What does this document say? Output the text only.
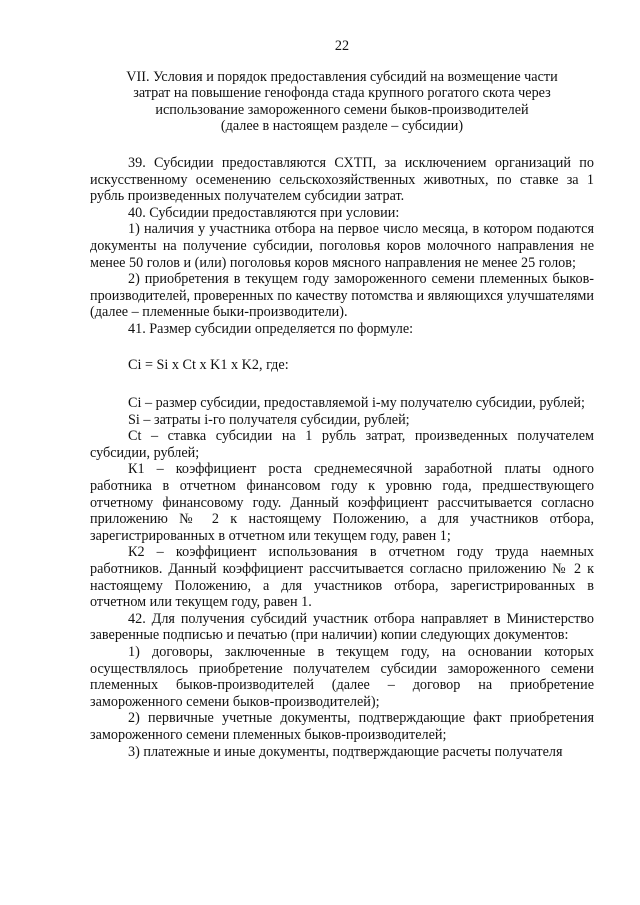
22
VII. Условия и порядок предоставления субсидий на возмещение части
затрат на повышение генофонда стада крупного рогатого скота через
использование замороженного семени быков-производителей
(далее в настоящем разделе – субсидии)

39. Субсидии предоставляются СХТП, за исключением организаций по искусственному осеменению сельскохозяйственных животных, по ставке за 1 рубль произведенных получателем субсидии затрат.

40. Субсидии предоставляются при условии:

1) наличия у участника отбора на первое число месяца, в котором подаются документы на получение субсидии, поголовья коров молочного направления не менее 50 голов и (или) поголовья коров мясного направления не менее 25 голов;

2) приобретения в текущем году замороженного семени племенных быков-производителей, проверенных по качеству потомства и являющихся улучшателями (далее – племенные быки-производители).

41. Размер субсидии определяется по формуле:

Ci = Si x Ct x K1 x K2, где:

Ci – размер субсидии, предоставляемой i-му получателю субсидии, рублей;

Si – затраты i-го получателя субсидии, рублей;

Ct – ставка субсидии на 1 рубль затрат, произведенных получателем субсидии, рублей;

К1 – коэффициент роста среднемесячной заработной платы одного работника в отчетном финансовом году к уровню года, предшествующего отчетному финансовому году. Данный коэффициент рассчитывается согласно приложению № 2 к настоящему Положению, а для участников отбора, зарегистрированных в отчетном или текущем году, равен 1;

К2 – коэффициент использования в отчетном году труда наемных работников. Данный коэффициент рассчитывается согласно приложению № 2 к настоящему Положению, а для участников отбора, зарегистрированных в отчетном или текущем году, равен 1.

42. Для получения субсидий участник отбора направляет в Министерство заверенные подписью и печатью (при наличии) копии следующих документов:

1) договоры, заключенные в текущем году, на основании которых осуществлялось приобретение получателем субсидии замороженного семени племенных быков-производителей (далее – договор на приобретение замороженного семени быков-производителей);

2) первичные учетные документы, подтверждающие факт приобретения замороженного семени племенных быков-производителей;

3) платежные и иные документы, подтверждающие расчеты получателя
